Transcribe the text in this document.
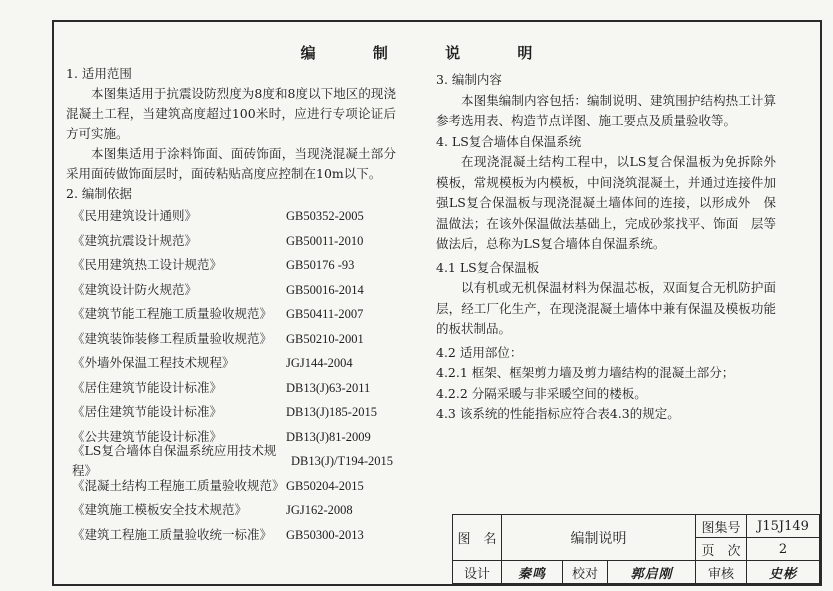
编 制 说 明

1. 适用范围

本图集适用于抗震设防烈度为8度和8度以下地区的现浇混凝土工程，当建筑高度超过100米时，应进行专项论证后方可实施。

本图集适用于涂料饰面、面砖饰面，当现浇混凝土部分采用面砖做饰面层时，面砖粘贴高度应控制在10m以下。

2. 编制依据

《民用建筑设计通则》	GB50352-2005
《建筑抗震设计规范》	GB50011-2010
《民用建筑热工设计规范》	GB50176 -93
《建筑设计防火规范》	GB50016-2014
《建筑节能工程施工质量验收规范》 GB50411-2007
《建筑装饰装修工程质量验收规范》 GB50210-2001
《外墙外保温工程技术规程》	JGJ144-2004
《居住建筑节能设计标准》	DB13(J)63-2011
《居住建筑节能设计标准》	DB13(J)185-2015
《公共建筑节能设计标准》	DB13(J)81-2009
《LS复合墙体自保温系统应用技术规程》
DB13(J)/T194-2015
《混凝土结构工程施工质量验收规范》 GB50204-2015
《建筑施工模板安全技术规范》	JGJ162-2008
《建筑工程施工质量验收统一标准》 GB50300-2013

3. 编制内容

本图集编制内容包括：编制说明、建筑围护结构热工计算参考选用表、构造节点详图、施工要点及质量验收等。

4. LS复合墙体自保温系统

在现浇混凝土结构工程中，以LS复合保温板为免拆除外模板，常规模板为内模板，中间浇筑混凝土，并通过连接件加强LS复合保温板与现浇混凝土墙体间的连接，以形成外　保温做法；在该外保温做法基础上，完成砂浆找平、饰面　层等做法后，总称为LS复合墙体自保温系统。

4.1 LS复合保温板

以有机或无机保温材料为保温芯板，双面复合无机防护面层，经工厂化生产，在现浇混凝土墙体中兼有保温及模板功能的板状制品。

4.2 适用部位：

4.2.1 框架、框架剪力墙及剪力墙结构的混凝土部分；

4.2.2 分隔采暖与非采暖空间的楼板。

4.3 该系统的性能指标应符合表4.3的规定。

图　名	编制说明			图集号	J15J149
				页　次	2
设计	秦鸣	校对	郭启刚	审核	史彬
